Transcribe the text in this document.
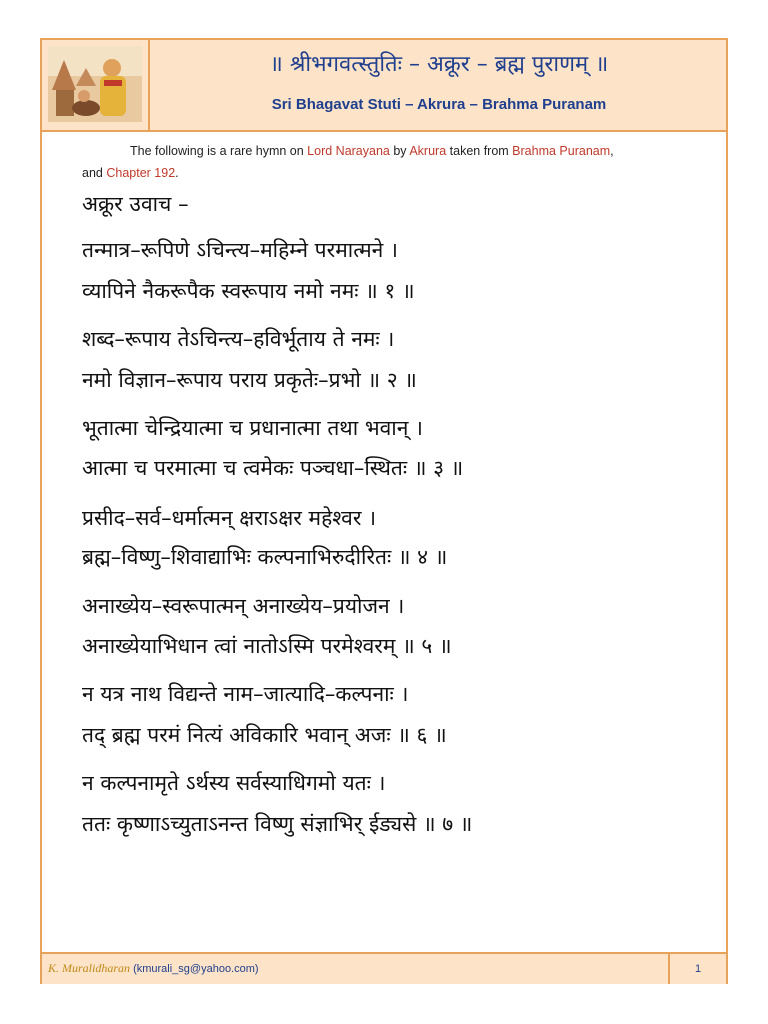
॥ श्रीभगवत्स्तुतिः – अक्रूर – ब्रह्म पुराणम् ॥
Sri Bhagavat Stuti – Akrura – Brahma Puranam
The following is a rare hymn on Lord Narayana by Akrura taken from Brahma Puranam,
and Chapter 192.
अक्रूर उवाच –
तन्मात्र–रूपिणे ऽचिन्त्य–महिम्ने परमात्मने ।
व्यापिने नैकरूपैक स्वरूपाय नमो नमः ॥ १ ॥
शब्द–रूपाय तेऽचिन्त्य–हविर्भूताय ते नमः ।
नमो विज्ञान–रूपाय पराय प्रकृतेः–प्रभो ॥ २ ॥
भूतात्मा चेन्द्रियात्मा च प्रधानात्मा तथा भवान् ।
आत्मा च परमात्मा च त्वमेकः पञ्चधा–स्थितः ॥ ३ ॥
प्रसीद–सर्व–धर्मात्मन् क्षराऽक्षर महेश्वर ।
ब्रह्म–विष्णु–शिवाद्याभिः कल्पनाभिरुदीरितः ॥ ४ ॥
अनाख्येय–स्वरूपात्मन् अनाख्येय–प्रयोजन ।
अनाख्येयाभिधान त्वां नातोऽस्मि परमेश्वरम् ॥ ५ ॥
न यत्र नाथ विद्यन्ते नाम–जात्यादि–कल्पनाः ।
तद् ब्रह्म परमं नित्यं अविकारि भवान् अजः ॥ ६ ॥
न कल्पनामृते ऽर्थस्य सर्वस्याधिगमो यतः ।
ततः कृष्णाऽच्युताऽनन्त विष्णु संज्ञाभिर् ईड्यसे ॥ ७ ॥
K. Muralidharan (kmurali_sg@yahoo.com)	1
